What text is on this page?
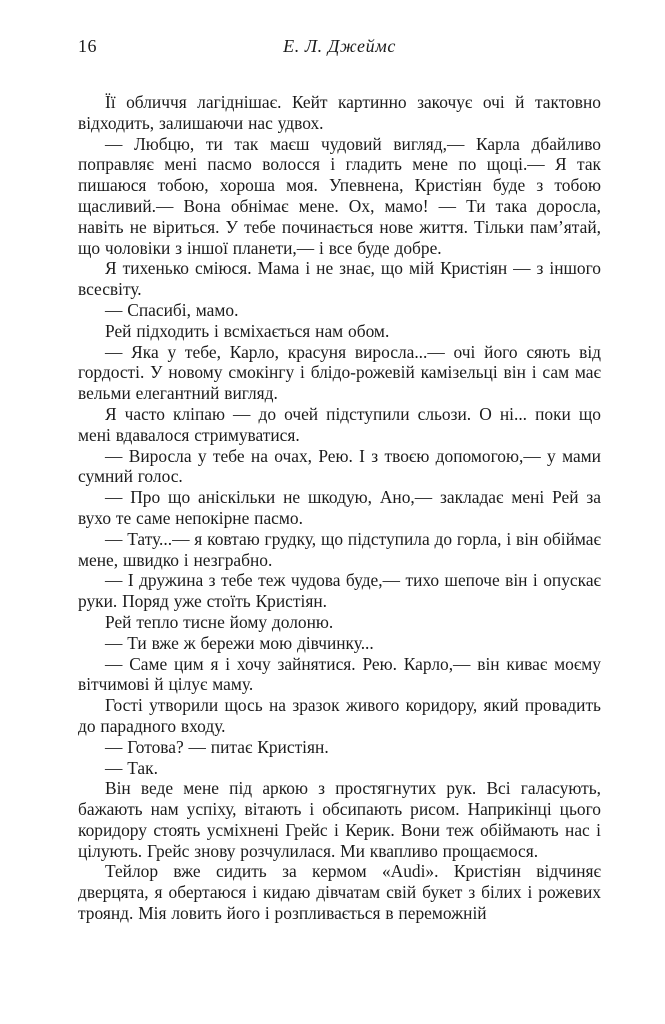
16	Е. Л. Джеймс

Її обличчя лагіднішає. Кейт картинно закочує очі й тактовно відходить, залишаючи нас удвох.

— Любцю, ти так маєш чудовий вигляд,— Карла дбайливо поправляє мені пасмо волосся і гладить мене по щоці.— Я так пишаюся тобою, хороша моя. Упевнена, Кристіян буде з тобою щасливий.— Вона обнімає мене. Ох, мамо! — Ти така доросла, навіть не віриться. У тебе починається нове життя. Тільки пам’ятай, що чоловіки з іншої планети,— і все буде добре.

Я тихенько сміюся. Мама і не знає, що мій Кристіян — з іншого всесвіту.

— Спасибі, мамо.

Рей підходить і всміхається нам обом.

— Яка у тебе, Карло, красуня виросла...— очі його сяють від гордості. У новому смокінгу і блідо-рожевій камізельці він і сам має вельми елегантний вигляд.

Я часто кліпаю — до очей підступили сльози. О ні... поки що мені вдавалося стримуватися.

— Виросла у тебе на очах, Рею. І з твоєю допомогою,— у мами сумний голос.

— Про що аніскільки не шкодую, Ано,— закладає мені Рей за вухо те саме непокірне пасмо.

— Тату...— я ковтаю грудку, що підступила до горла, і він обіймає мене, швидко і незграбно.

— І дружина з тебе теж чудова буде,— тихо шепоче він і опускає руки. Поряд уже стоїть Кристіян.

Рей тепло тисне йому долоню.

— Ти вже ж бережи мою дівчинку...

— Саме цим я і хочу зайнятися. Рею. Карло,— він киває моєму вітчимові й цілує маму.

Гості утворили щось на зразок живого коридору, який провадить до парадного входу.

— Готова? — питає Кристіян.

— Так.

Він веде мене під аркою з простягнутих рук. Всі галасують, бажають нам успіху, вітають і обсипають рисом. Наприкінці цього коридору стоять усміхнені Грейс і Керик. Вони теж обіймають нас і цілують. Грейс знову розчулилася. Ми квапливо прощаємося.

Тейлор вже сидить за кермом «Audi». Кристіян відчиняє дверцята, я обертаюся і кидаю дівчатам свій букет з білих і рожевих троянд. Мія ловить його і розпливається в переможній
